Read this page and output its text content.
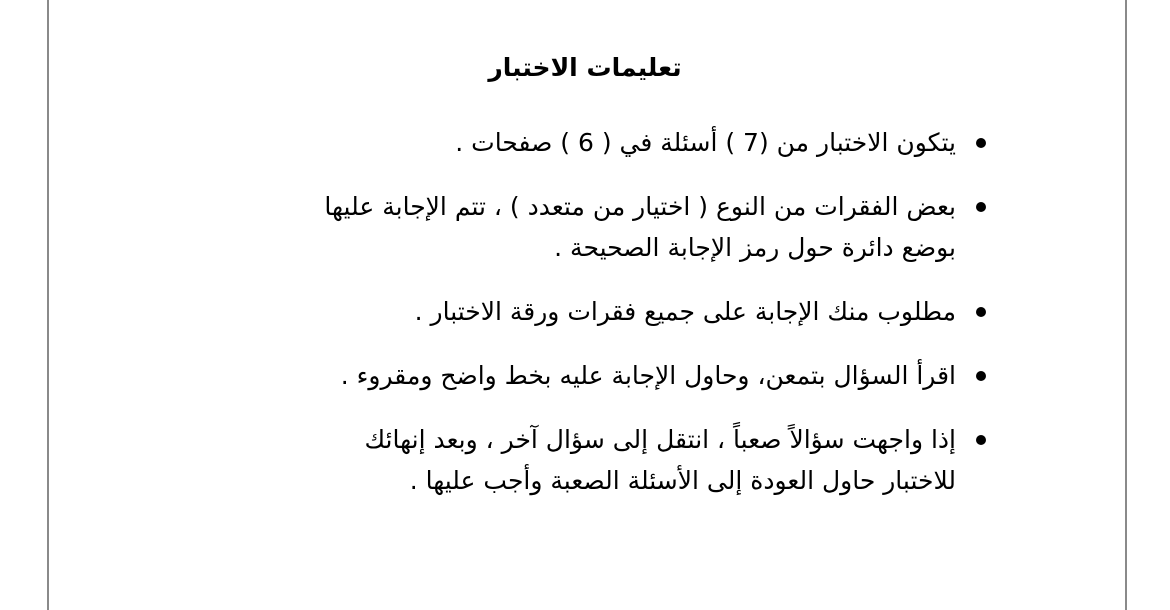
تعليمات الاختبار
يتكون الاختبار من (7 ) أسئلة في ( 6 ) صفحات .
بعض الفقرات من النوع ( اختيار من متعدد ) ، تتم الإجابة عليها
بوضع دائرة حول رمز الإجابة الصحيحة .
مطلوب منك الإجابة على جميع فقرات ورقة الاختبار .
اقرأ السؤال بتمعن، وحاول الإجابة عليه بخط واضح ومقروء .
إذا واجهت سؤالاً صعباً ، انتقل إلى سؤال آخر ، وبعد إنهائك
للاختبار حاول العودة إلى الأسئلة الصعبة وأجب عليها .
